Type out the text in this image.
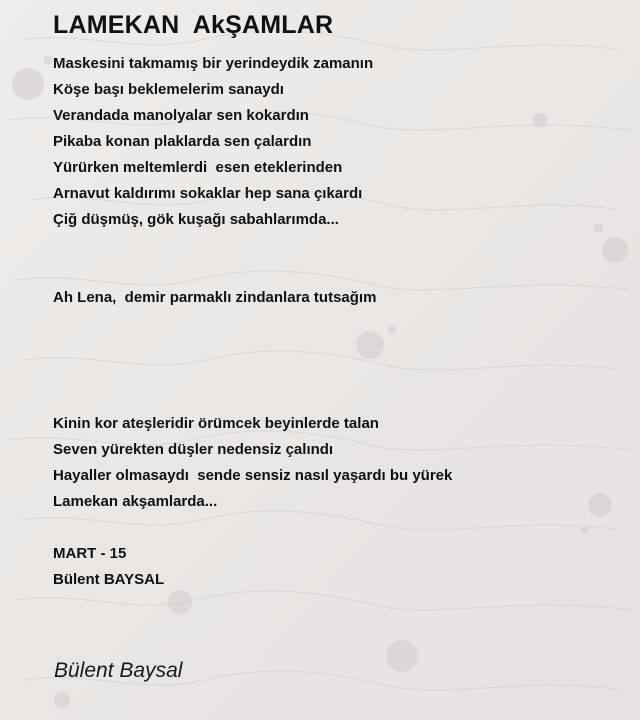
LAMEKAN  AkŞAMLAR

Maskesini takmamış bir yerindeydik zamanın

Köşe başı beklemelerim sanaydı

Verandada manolyalar sen kokardın

Pikaba konan plaklarda sen çalardın

Yürürken meltemlerdi  esen eteklerinden

Arnavut kaldırımı sokaklar hep sana çıkardı

Çiğ düşmüş, gök kuşağı sabahlarımda...

Ah Lena,  demir parmaklı zindanlara tutsağım

Kinin kor ateşleridir örümcek beyinlerde talan

Seven yürekten düşler nedensiz çalındı

Hayaller olmasaydı  sende sensiz nasıl yaşardı bu yürek

Lamekan akşamlarda...

MART - 15

Bülent BAYSAL

Bülent Baysal
